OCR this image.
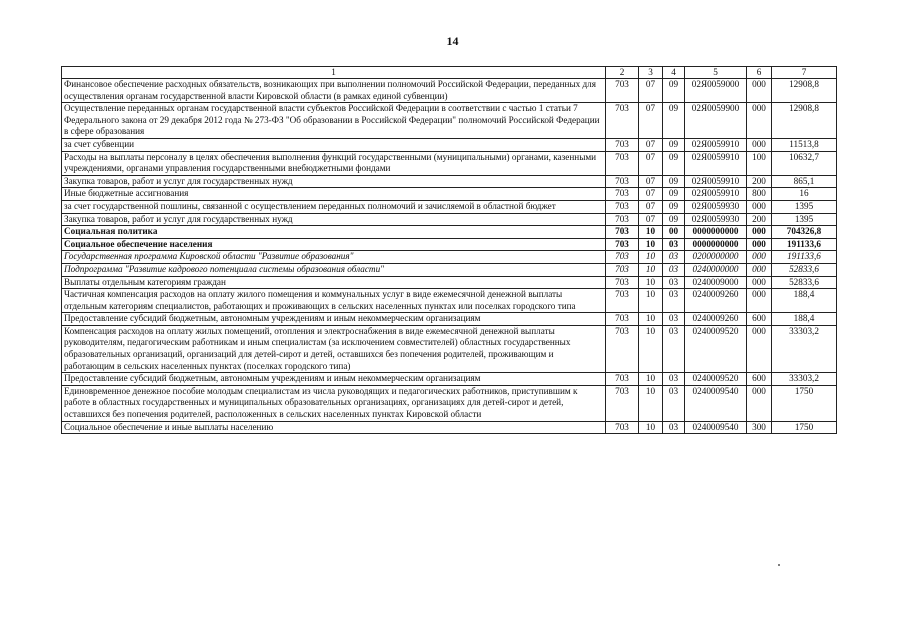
14
1	2	3	4	5	6	7
Финансовое обеспечение расходных обязательств, возникающих при выполнении полномочий Российской Федерации, переданных для осуществления органам государственной власти Кировской области (в рамках единой субвенции)	703	07	09	02Я0059000	000	12908,8
Осуществление переданных органам государственной власти субъектов Российской Федерации в соответствии с частью 1 статьи 7 Федерального закона от 29 декабря 2012 года № 273-ФЗ "Об образовании в Российской Федерации" полномочий Российской Федерации в сфере образования	703	07	09	02Я0059900	000	12908,8
за счет субвенции	703	07	09	02Я0059910	000	11513,8
Расходы на выплаты персоналу в целях обеспечения выполнения функций государственными (муниципальными) органами, казенными учреждениями, органами управления государственными внебюджетными фондами	703	07	09	02Я0059910	100	10632,7
Закупка товаров, работ и услуг для государственных нужд	703	07	09	02Я0059910	200	865,1
Иные бюджетные ассигнования	703	07	09	02Я0059910	800	16
за счет государственной пошлины, связанной с осуществлением переданных полномочий и зачисляемой в областной бюджет	703	07	09	02Я0059930	000	1395
Закупка товаров, работ и услуг для государственных нужд	703	07	09	02Я0059930	200	1395
Социальная политика	703	10	00	0000000000	000	704326,8
Социальное обеспечение населения	703	10	03	0000000000	000	191133,6
Государственная программа Кировской области "Развитие образования"	703	10	03	0200000000	000	191133,6
Подпрограмма "Развитие кадрового потенциала системы образования области"	703	10	03	0240000000	000	52833,6
Выплаты отдельным категориям граждан	703	10	03	0240009000	000	52833,6
Частичная компенсация расходов на оплату жилого помещения и коммунальных услуг в виде ежемесячной денежной выплаты отдельным категориям специалистов, работающих и проживающих в сельских населенных пунктах или поселках городского типа	703	10	03	0240009260	000	188,4
Предоставление субсидий бюджетным, автономным учреждениям и иным некоммерческим организациям	703	10	03	0240009260	600	188,4
Компенсация расходов на оплату жилых помещений, отопления и электроснабжения в виде ежемесячной денежной выплаты руководителям, педагогическим работникам и иным специалистам (за исключением совместителей) областных государственных образовательных организаций, организаций для детей-сирот и детей, оставшихся без попечения родителей, проживающим и работающим в сельских населенных пунктах (поселках городского типа)	703	10	03	0240009520	000	33303,2
Предоставление субсидий бюджетным, автономным учреждениям и иным некоммерческим организациям	703	10	03	0240009520	600	33303,2
Единовременное денежное пособие молодым специалистам из числа руководящих и педагогических работников, приступившим к работе в областных государственных и муниципальных образовательных организациях, организациях для детей-сирот и детей, оставшихся без попечения родителей, расположенных в сельских населенных пунктах Кировской области	703	10	03	0240009540	000	1750
Социальное обеспечение и иные выплаты населению	703	10	03	0240009540	300	1750
